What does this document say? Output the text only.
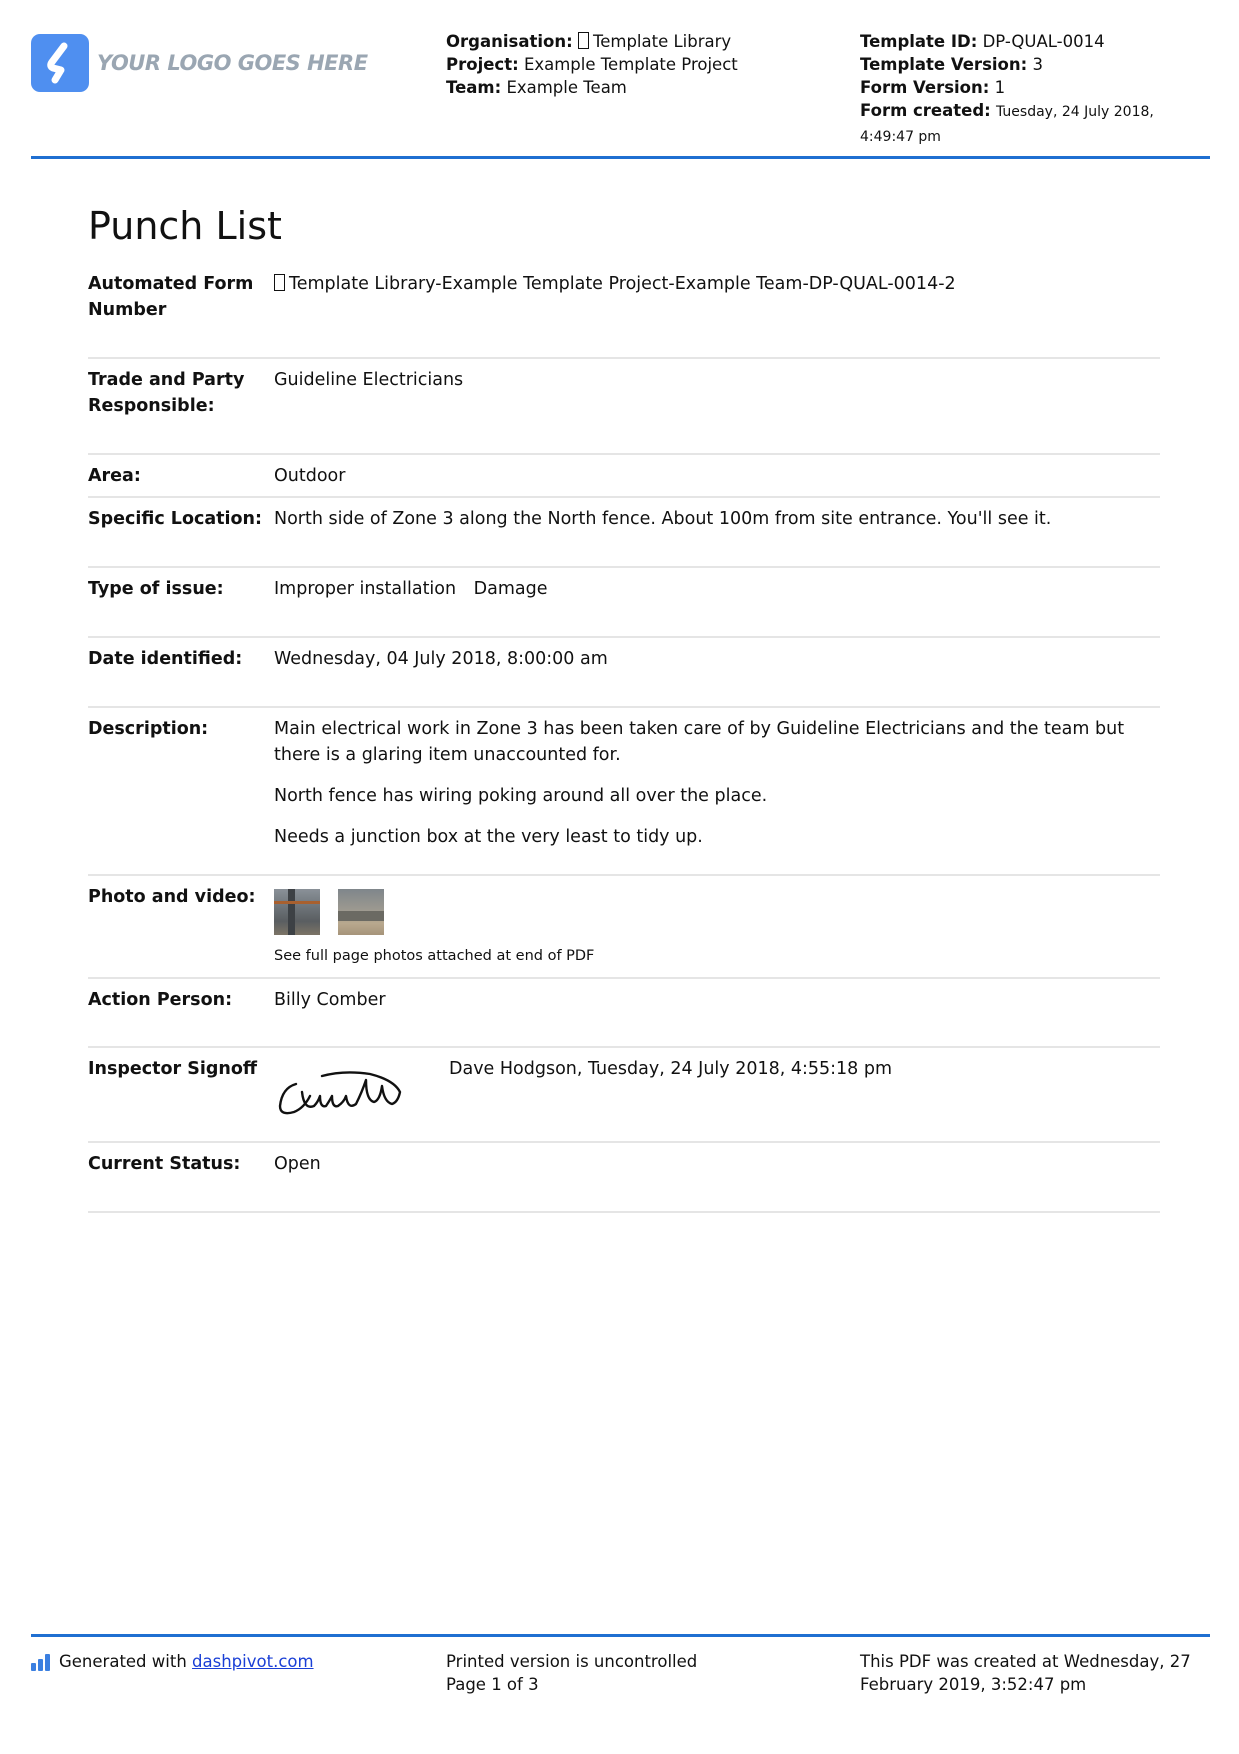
YOUR LOGO GOES HERE
Organisation: Template Library
Project: Example Template Project
Team: Example Team
Template ID: DP-QUAL-0014
Template Version: 3
Form Version: 1
Form created: Tuesday, 24 July 2018, 4:49:47 pm
Punch List
Automated Form Number
Template Library-Example Template Project-Example Team-DP-QUAL-0014-2
Trade and Party Responsible:
Guideline Electricians
Area:	Outdoor
Specific Location: North side of Zone 3 along the North fence. About 100m from site entrance. You'll see it.
Type of issue:	Improper installation Damage
Date identified:	Wednesday, 04 July 2018, 8:00:00 am
Description:	Main electrical work in Zone 3 has been taken care of by Guideline Electricians and the team but there is a glaring item unaccounted for.

North fence has wiring poking around all over the place.

Needs a junction box at the very least to tidy up.

Photo and video:
See full page photos attached at end of PDF
Action Person:	Billy Comber
Inspector Signoff	Dave Hodgson, Tuesday, 24 July 2018, 4:55:18 pm
Current Status:	Open
Generated with
dashpivot.com	Printed version is uncontrolled
Page 1 of 3
This PDF was created at Wednesday, 27 February 2019, 3:52:47 pm
